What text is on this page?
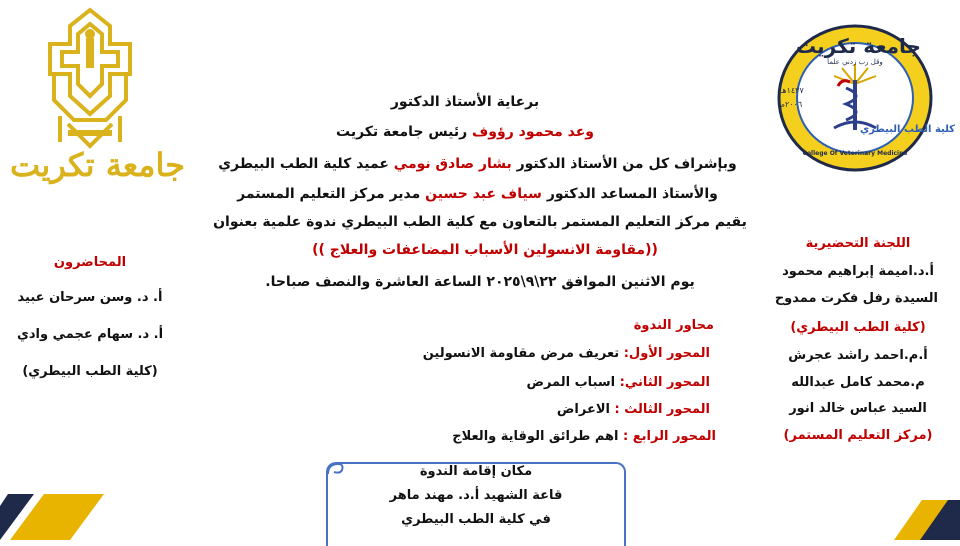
جامعة تكريت
جامعة تكريت
وقل رب زدني علماً
١٤٢٧هـ
٢٠٠٦م
كلية الطب البيطري
College Of Veterinary Medicine
برعاية الأستاذ الدكتور
وعد محمود رؤوف رئيس جامعة تكريت
وبإشراف كل من الأستاذ الدكتور بشار صادق نومي عميد كلية الطب البيطري
والأستاذ المساعد الدكتور سياف عبد حسين مدير مركز التعليم المستمر
يقيم مركز التعليم المستمر بالتعاون مع كلية الطب البيطري ندوة علمية بعنوان
((مقاومة الانسولين الأسباب المضاعفات والعلاج ))
يوم الاثنين الموافق ٢٢\٩\٢٠٢٥ الساعة العاشرة والنصف صباحا.
محاور الندوة
المحور الأول: تعريف مرض مقاومة الانسولين
المحور الثاني: اسباب المرض
المحور الثالث : الاعراض
المحور الرابع : اهم طرائق الوقاية والعلاج
المحاضرون
أ. د. وسن سرحان عبيد
أ. د. سهام عجمي وادي
(كلية الطب البيطري)
اللجنة التحضيرية
أ.د.اميمة إبراهيم محمود
السيدة رفل فكرت ممدوح
(كلية الطب البيطري)
أ.م.احمد راشد عجرش
م.محمد كامل عبدالله
السيد عباس خالد انور
(مركز التعليم المستمر)
مكان إقامة الندوة
قاعة الشهيد أ.د. مهند ماهر
في كلية الطب البيطري
